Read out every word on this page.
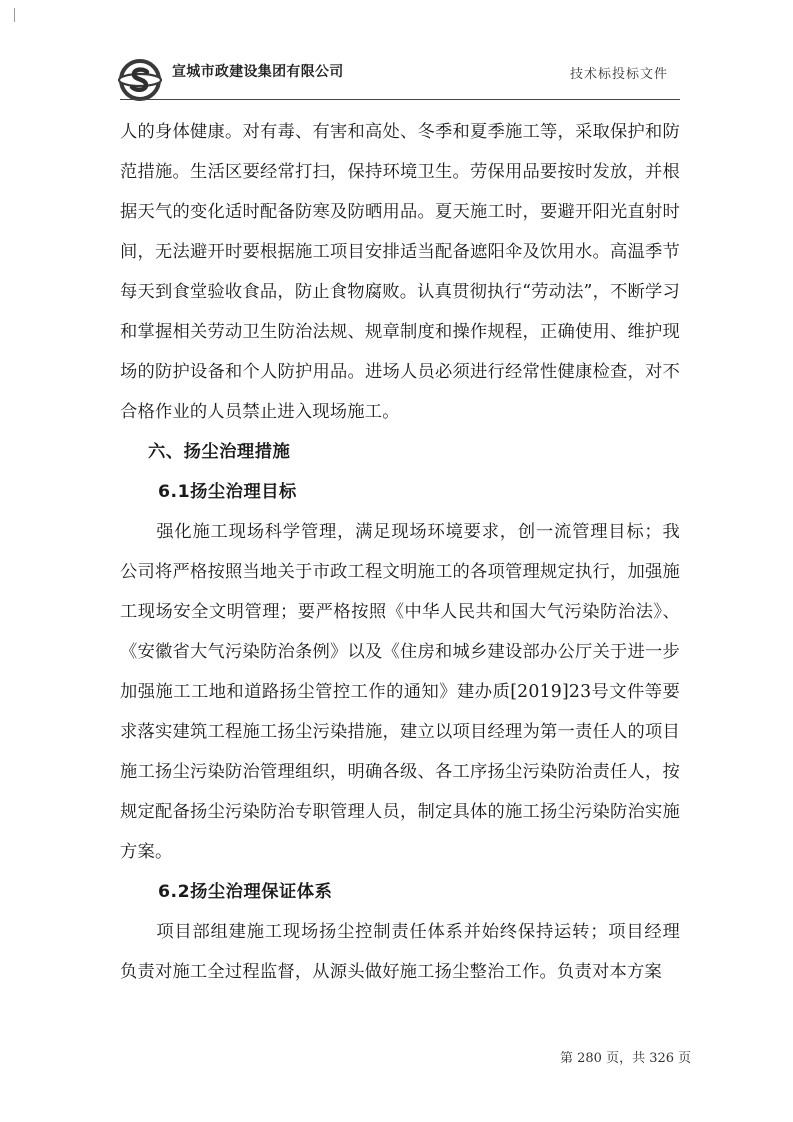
宣城市政建设集团有限公司	技术标投标文件

人的身体健康。对有毒、有害和高处、冬季和夏季施工等，采取保护和防范措施。生活区要经常打扫，保持环境卫生。劳保用品要按时发放，并根据天气的变化适时配备防寒及防晒用品。夏天施工时，要避开阳光直射时间，无法避开时要根据施工项目安排适当配备遮阳伞及饮用水。高温季节每天到食堂验收食品，防止食物腐败。认真贯彻执行“劳动法”，不断学习和掌握相关劳动卫生防治法规、规章制度和操作规程，正确使用、维护现场的防护设备和个人防护用品。进场人员必须进行经常性健康检查，对不合格作业的人员禁止进入现场施工。

六、扬尘治理措施
6.1扬尘治理目标

强化施工现场科学管理，满足现场环境要求，创一流管理目标；我公司将严格按照当地关于市政工程文明施工的各项管理规定执行，加强施工现场安全文明管理；要严格按照《中华人民共和国大气污染防治法》、《安徽省大气污染防治条例》以及《住房和城乡建设部办公厅关于进一步加强施工工地和道路扬尘管控工作的通知》建办质[2019]23号文件等要求落实建筑工程施工扬尘污染措施，建立以项目经理为第一责任人的项目施工扬尘污染防治管理组织，明确各级、各工序扬尘污染防治责任人，按规定配备扬尘污染防治专职管理人员，制定具体的施工扬尘污染防治实施方案。

6.2扬尘治理保证体系

项目部组建施工现场扬尘控制责任体系并始终保持运转；项目经理负责对施工全过程监督，从源头做好施工扬尘整治工作。负责对本方案

第 280 页，共 326 页
